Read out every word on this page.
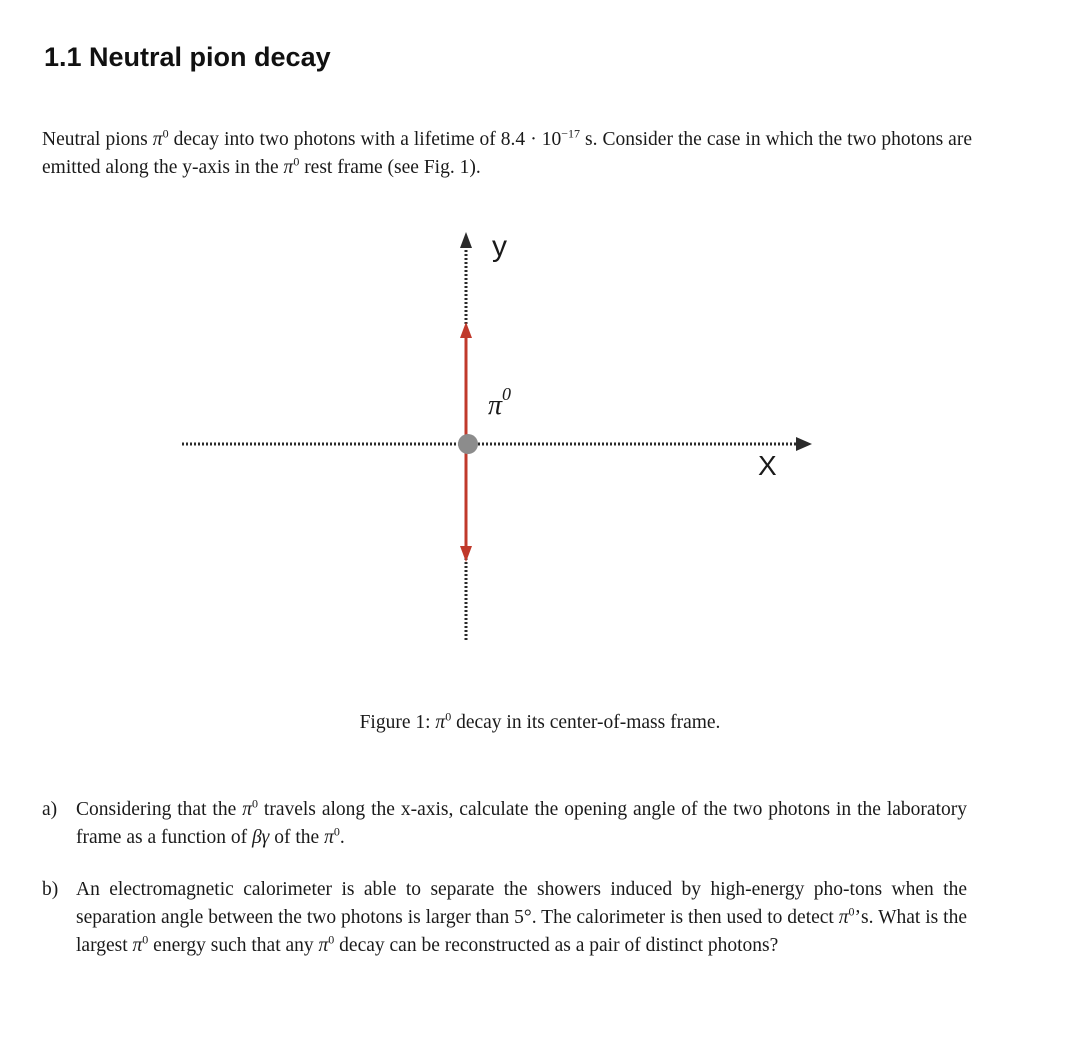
1.1 Neutral pion decay

Neutral pions $\pi^0$ decay into two photons with a lifetime of $8.4 \cdot 10^{-17}$ s. Consider the case in which the two photons are emitted along the y-axis in the $\pi^0$ rest frame (see Fig. 1).

y
X
$\pi^0$

Figure 1: $\pi^0$ decay in its center-of-mass frame.

a) Considering that the $\pi^0$ travels along the x-axis, calculate the opening angle of the two photons in the laboratory frame as a function of βγ of the $\pi^0$.
b) An electromagnetic calorimeter is able to separate the showers induced by high-energy pho-tons when the separation angle between the two photons is larger than 5°. The calorimeter is then used to detect $\pi^0’s$. What is the largest $\pi^0$ energy such that any $\pi^0$ decay can be reconstructed as a pair of distinct photons?
